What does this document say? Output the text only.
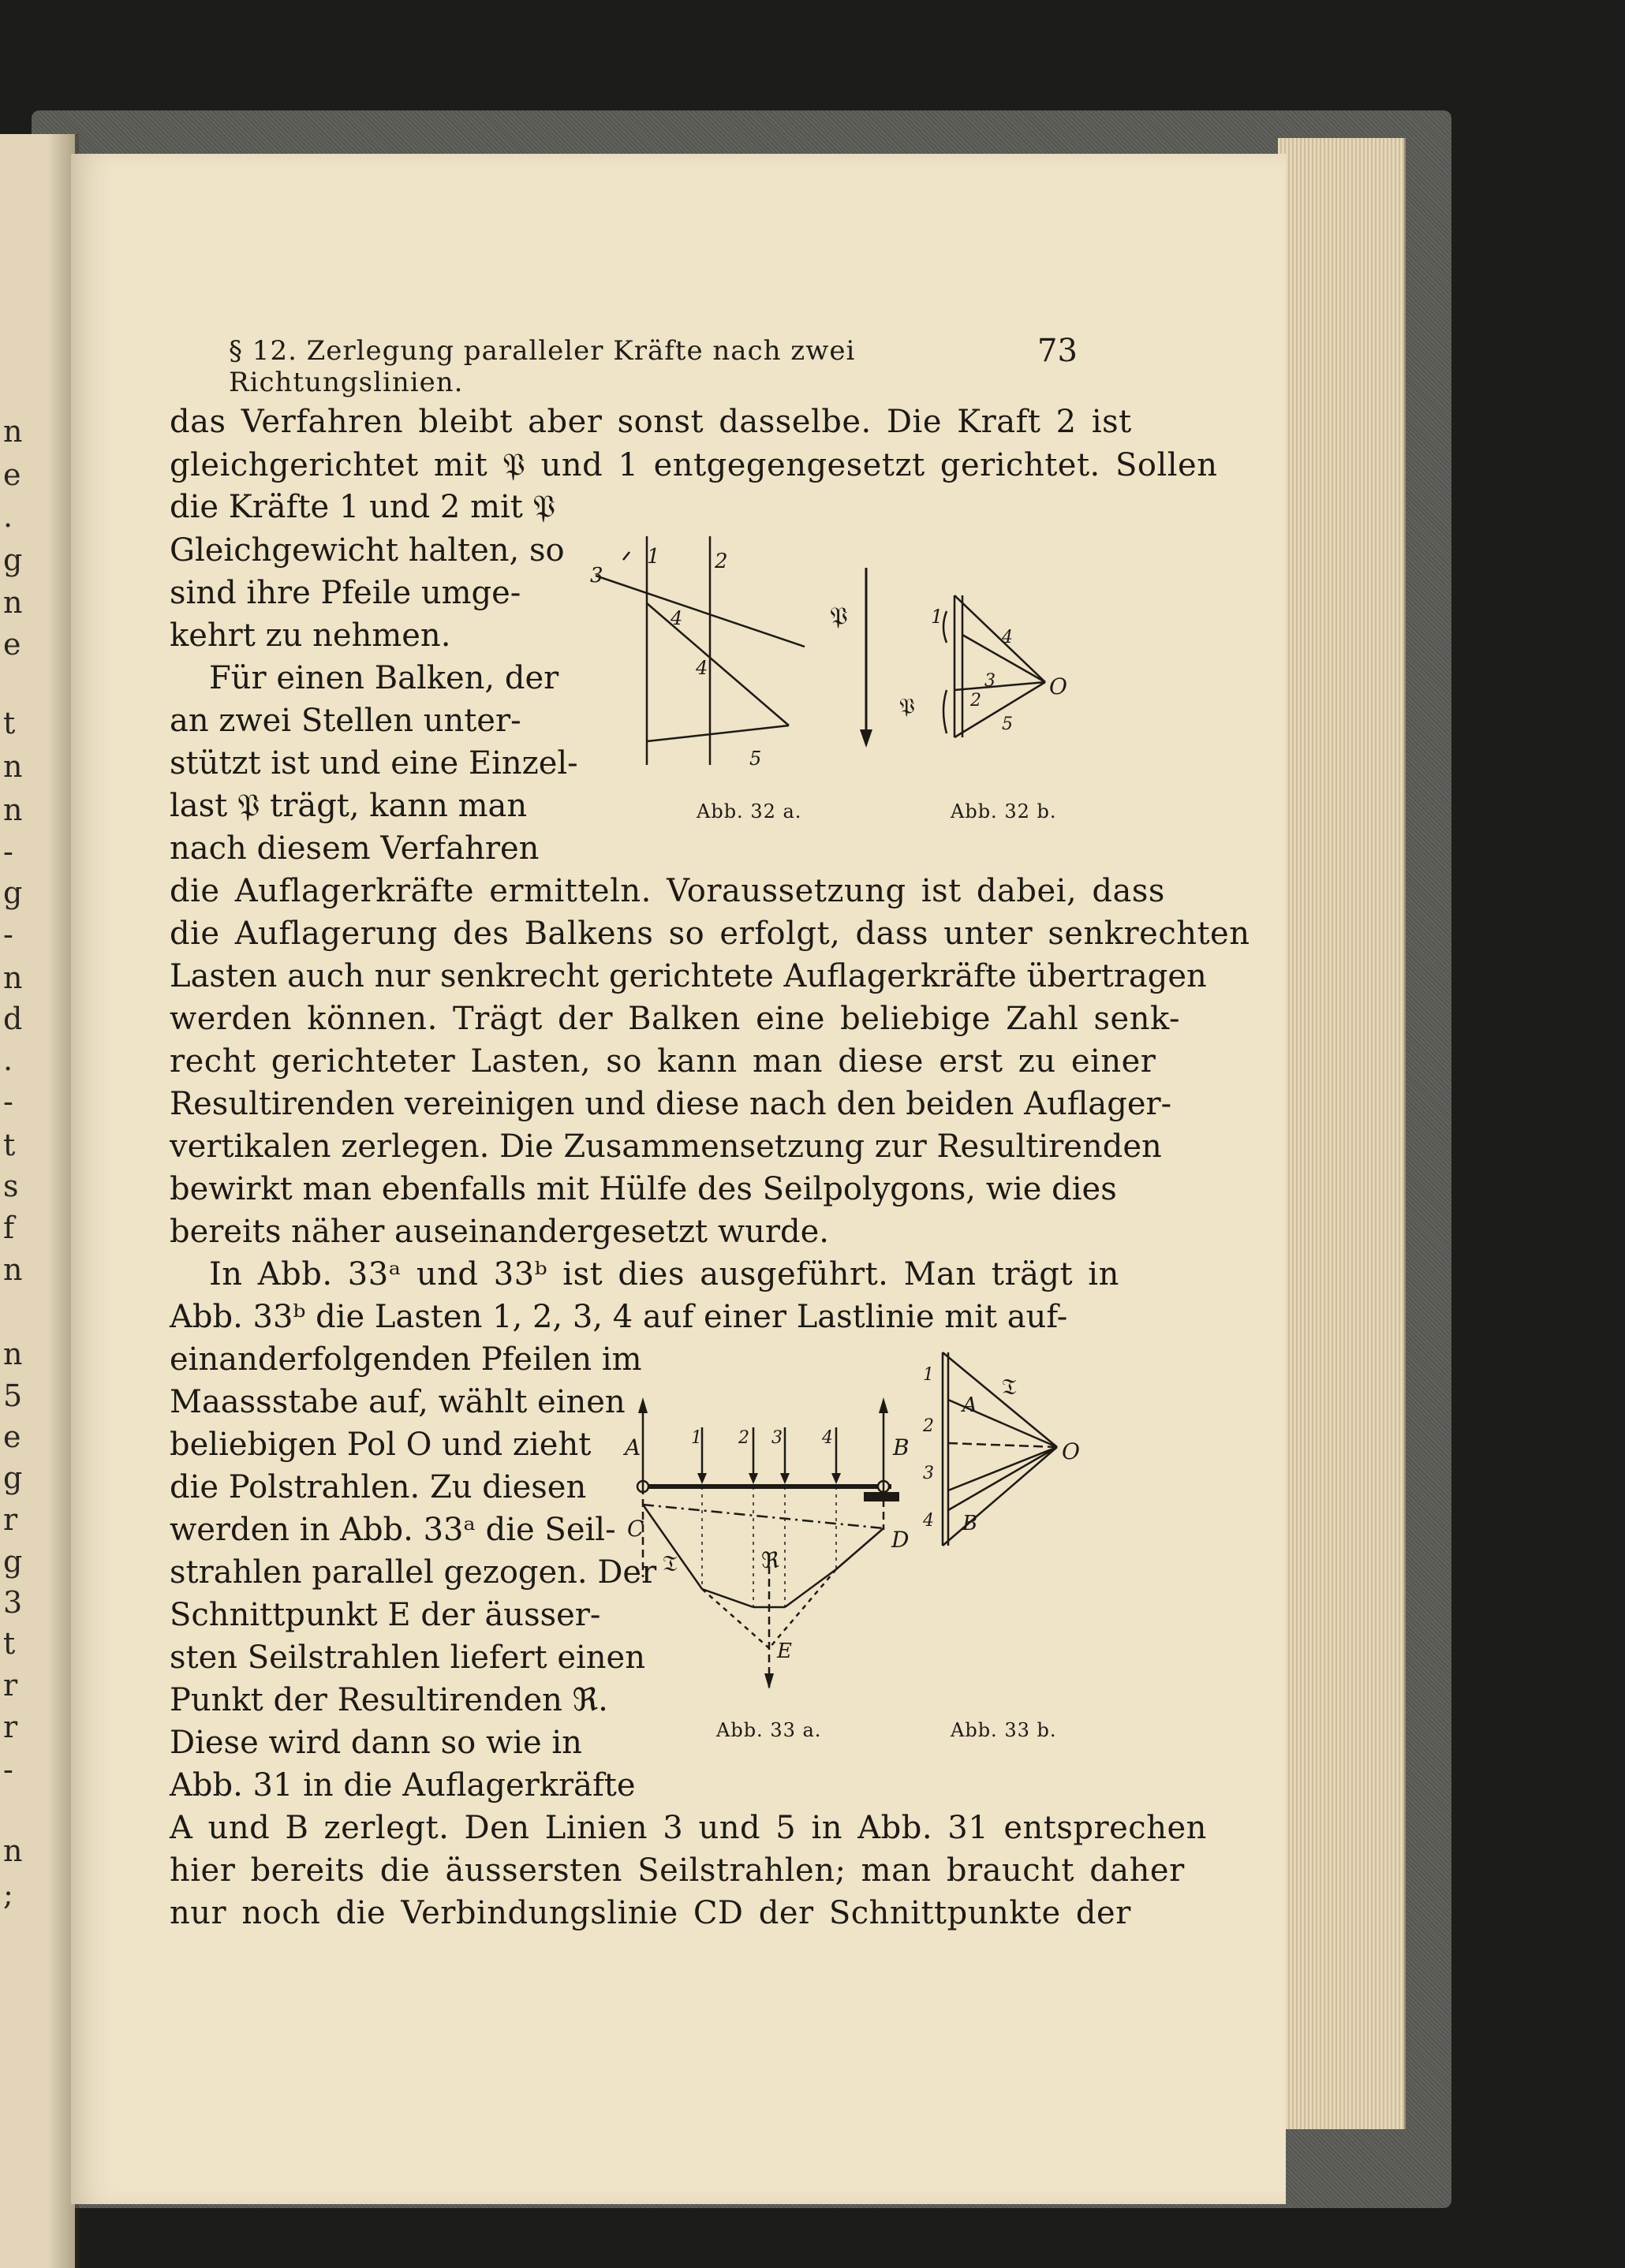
n
e
.
g
n
e
t
n
n
-
g
-
n
d
.
-
t
s
f
n
n
5
e
g
r
g
3
t
r
r
-
n
;
§ 12. Zerlegung paralleler Kräfte nach zwei Richtungslinien.
73
das Verfahren bleibt aber sonst dasselbe. Die Kraft 2 ist
gleichgerichtet mit 𝔓 und 1 entgegengesetzt gerichtet. Sollen
die Kräfte 1 und 2 mit 𝔓
Gleichgewicht halten, so
sind ihre Pfeile umge-
kehrt zu nehmen.
Für einen Balken, der
an zwei Stellen unter-
stützt ist und eine Einzel-
last 𝔓 trägt, kann man
nach diesem Verfahren
die Auflagerkräfte ermitteln. Voraussetzung ist dabei, dass
die Auflagerung des Balkens so erfolgt, dass unter senkrechten
Lasten auch nur senkrecht gerichtete Auflagerkräfte übertragen
werden können. Trägt der Balken eine beliebige Zahl senk-
recht gerichteter Lasten, so kann man diese erst zu einer
Resultirenden vereinigen und diese nach den beiden Auflager-
vertikalen zerlegen. Die Zusammensetzung zur Resultirenden
bewirkt man ebenfalls mit Hülfe des Seilpolygons, wie dies
bereits näher auseinandergesetzt wurde.
In Abb. 33ᵃ und 33ᵇ ist dies ausgeführt. Man trägt in
Abb. 33ᵇ die Lasten 1, 2, 3, 4 auf einer Lastlinie mit auf-
einanderfolgenden Pfeilen im
Maassstabe auf, wählt einen
beliebigen Pol O und zieht
die Polstrahlen. Zu diesen
werden in Abb. 33ᵃ die Seil-
strahlen parallel gezogen. Der
Schnittpunkt E der äusser-
sten Seilstrahlen liefert einen
Punkt der Resultirenden ℜ.
Diese wird dann so wie in
Abb. 31 in die Auflagerkräfte
A und B zerlegt. Den Linien 3 und 5 in Abb. 31 entsprechen
hier bereits die äussersten Seilstrahlen; man braucht daher
nur noch die Verbindungslinie CD der Schnittpunkte der
1	2
3
4
4
5
𝔓
Abb. 32 a.
1
2
3
4
5
O
𝔓
Abb. 32 b.
A	B
C	D
E
ℜ
𝔗
1 2 3 4
Abb. 33 a.
1
2
3
4
A
B
O
𝔗
Abb. 33 b.
